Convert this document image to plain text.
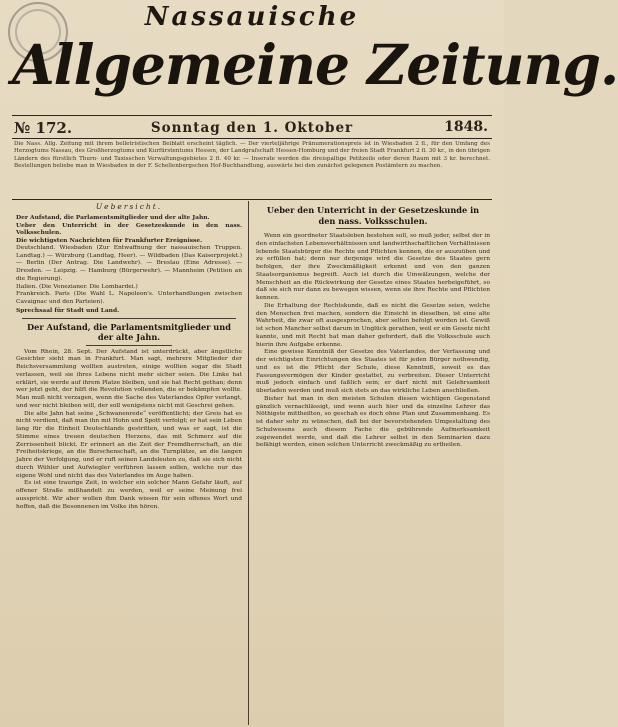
Nassauische
Allgemeine Zeitung.
№ 172.	Sonntag den 1. Oktober	1848.
Die Nass. Allg. Zeitung mit ihrem belletristischen Beiblatt erscheint täglich. — Der vierteljährige Pränumerationspreis ist in Wiesbaden 2 fl., für den Umfang des Herzogtums Nassau, des Großherzogtums und Kurfürstentums Hessen, der Landgrafschaft Hessen-Homburg und der freien Stadt Frankfurt 2 fl. 30 kr., in den übrigen Ländern des fürstlich Thurn- und Taxisschen Verwaltungsgebietes 2 fl. 40 kr. — Inserate werden die dreispaltige Petitzeile oder deren Raum mit 3 kr. berechnet. Bestellungen beliebe man in Wiesbaden in der F. Schellenbergschen Hof-Buchhandlung, auswärts bei den zunächst gelegenen Postämtern zu machen.
Uebersicht.

Der Aufstand, die Parlamentsmitglieder und der alte Jahn.

Ueber den Unterricht in der Gesetzeskunde in den nass. Volksschulen.

Die wichtigsten Nachrichten für Frankfurter Ereignisse.

Deutschland. Wiesbaden (Zur Entwaffnung der nassauischen Truppen. Landtag.) — Würzburg (Landtag, Heer). — Wildbaden (Das Kaiserprojekt.) — Berlin (Der Antrag. Die Landwehr). — Breslau (Eine Adresse). — Dresden. — Leipzig. — Hamburg (Bürgerwehr). — Mannheim (Petition an die Regierung).

Italien. (Die Venezianer. Die Lombardei.)

Frankreich. Paris (Die Wahl L. Napoleon's. Unterhandlungen zwischen Cavaignac und den Parteien).

Sprechsaal für Stadt und Land.

Der Aufstand, die Parlamentsmitglieder und der alte Jahn.

Vom Rhein, 28. Sept. Der Aufstand ist unterdrückt, aber ängstliche Gesichter sieht man in Frankfurt. Man sagt, mehrere Mitglieder der Reichsversammlung wollten austreten, einige wollten sogar die Stadt verlassen, weil sie ihres Lebens nicht mehr sicher seien. Die Linke hat erklärt, sie werde auf ihrem Platze bleiben, und sie hat Recht gethan; denn wer jetzt geht, der hilft die Revolution vollenden, die er bekämpfen wollte. Man muß nicht verzagen, wenn die Sache des Vaterlandes Opfer verlangt, und wer nicht bleiben will, der soll wenigstens nicht mit Geschrei gehen.

Die alte Jahn hat seine „Schwanenrede“ veröffentlicht; der Greis hat es nicht verdient, daß man ihn mit Hohn und Spott verfolgt; er hat sein Leben lang für die Einheit Deutschlands gestritten, und was er sagt, ist die Stimme eines treuen deutschen Herzens, das mit Schmerz auf die Zerrissenheit blickt. Er erinnert an die Zeit der Fremdherrschaft, an die Freiheitskriege, an die Burschenschaft, an die Turnplätze, an die langen Jahre der Verfolgung, und er ruft seinen Landsleuten zu, daß sie sich nicht durch Wühler und Aufwiegler verführen lassen sollen, welche nur das eigene Wohl und nicht das des Vaterlandes im Auge haben.

Es ist eine traurige Zeit, in welcher ein solcher Mann Gefahr läuft, auf offener Straße mißhandelt zu werden, weil er seine Meinung frei ausspricht. Wir aber wollen ihm Dank wissen für sein offenes Wort und hoffen, daß die Besonnenen im Volke ihn hören.

Ueber den Unterricht in der Gesetzeskunde in den nass. Volksschulen.

Wenn ein geordneter Staatsleben bestehen soll, so muß jeder, selbst der in den einfachsten Lebensverhältnissen und landwirthschaftlichen Verhältnissen lebende Staatsbürger die Rechte und Pflichten kennen, die er auszuüben und zu erfüllen hat; denn nur derjenige wird die Gesetze des Staates gern befolgen, der ihre Zweckmäßigkeit erkennt und von den ganzen Staatsorganismus begreift. Auch ist durch die Umwälzungen, welche der Menschheit an die Rückwirkung der Gesetze eines Staates herbeigeführt, so daß sie sich nur dann zu bewegen wissen, wenn sie ihre Rechte und Pflichten kennen.

Die Erhaltung der Rechtskunde, daß es nicht die Gesetze seien, welche den Menschen frei machen, sondern die Einsicht in dieselben, ist eine alte Wahrheit, die zwar oft ausgesprochen, aber selten befolgt worden ist. Gewiß ist schon Mancher selbst darum in Unglück gerathen, weil er ein Gesetz nicht kannte, und mit Recht hat man daher gefordert, daß die Volksschule auch hierin ihre Aufgabe erkenne.

Eine gewisse Kenntniß der Gesetze des Vaterlandes, der Verfassung und der wichtigsten Einrichtungen des Staates ist für jeden Bürger nothwendig, und es ist die Pflicht der Schule, diese Kenntniß, soweit es das Fassungsvermögen der Kinder gestattet, zu verbreiten. Dieser Unterricht muß jedoch einfach und faßlich sein; er darf nicht mit Gelehrsamkeit überladen werden und muß sich stets an das wirkliche Leben anschließen.

Bisher hat man in den meisten Schulen diesen wichtigen Gegenstand gänzlich vernachlässigt, und wenn auch hier und da einzelne Lehrer das Nöthigste mittheilten, so geschah es doch ohne Plan und Zusammenhang. Es ist daher sehr zu wünschen, daß bei der bevorstehenden Umgestaltung des Schulwesens auch diesem Fache die gebührende Aufmerksamkeit zugewendet werde, und daß die Lehrer selbst in den Seminarien dazu befähigt werden, einen solchen Unterricht zweckmäßig zu ertheilen.
